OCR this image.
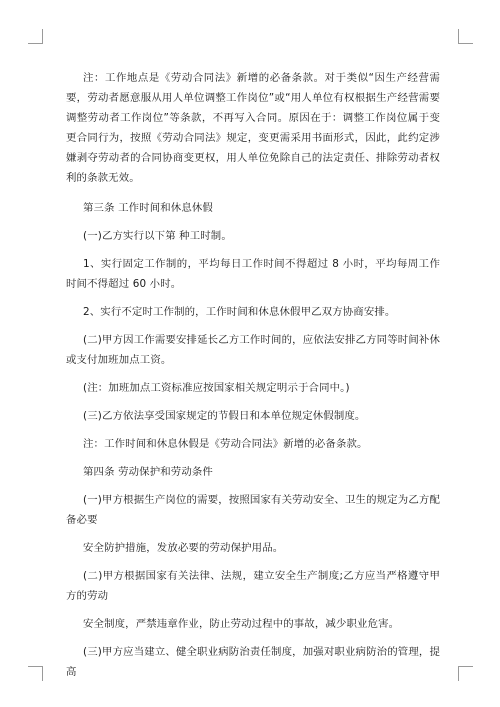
注：工作地点是《劳动合同法》新增的必备条款。对于类似“因生产经营需要，劳动者愿意服从用人单位调整工作岗位”或“用人单位有权根据生产经营需要调整劳动者工作岗位”等条款，不再写入合同。原因在于：调整工作岗位属于变更合同行为，按照《劳动合同法》规定，变更需采用书面形式，因此，此约定涉嫌剥夺劳动者的合同协商变更权，用人单位免除自己的法定责任、排除劳动者权利的条款无效。

第三条 工作时间和休息休假

(一)乙方实行以下第 种工时制。

1、实行固定工作制的，平均每日工作时间不得超过 8 小时，平均每周工作时间不得超过 60 小时。

2、实行不定时工作制的，工作时间和休息休假甲乙双方协商安排。

(二)甲方因工作需要安排延长乙方工作时间的，应依法安排乙方同等时间补休或支付加班加点工资。

(注：加班加点工资标准应按国家相关规定明示于合同中。)

(三)乙方依法享受国家规定的节假日和本单位规定休假制度。

注：工作时间和休息休假是《劳动合同法》新增的必备条款。

第四条 劳动保护和劳动条件

(一)甲方根据生产岗位的需要，按照国家有关劳动安全、卫生的规定为乙方配备必要

安全防护措施，发放必要的劳动保护用品。

(二)甲方根据国家有关法律、法规，建立安全生产制度;乙方应当严格遵守甲方的劳动

安全制度，严禁违章作业，防止劳动过程中的事故，减少职业危害。

(三)甲方应当建立、健全职业病防治责任制度，加强对职业病防治的管理，提高
